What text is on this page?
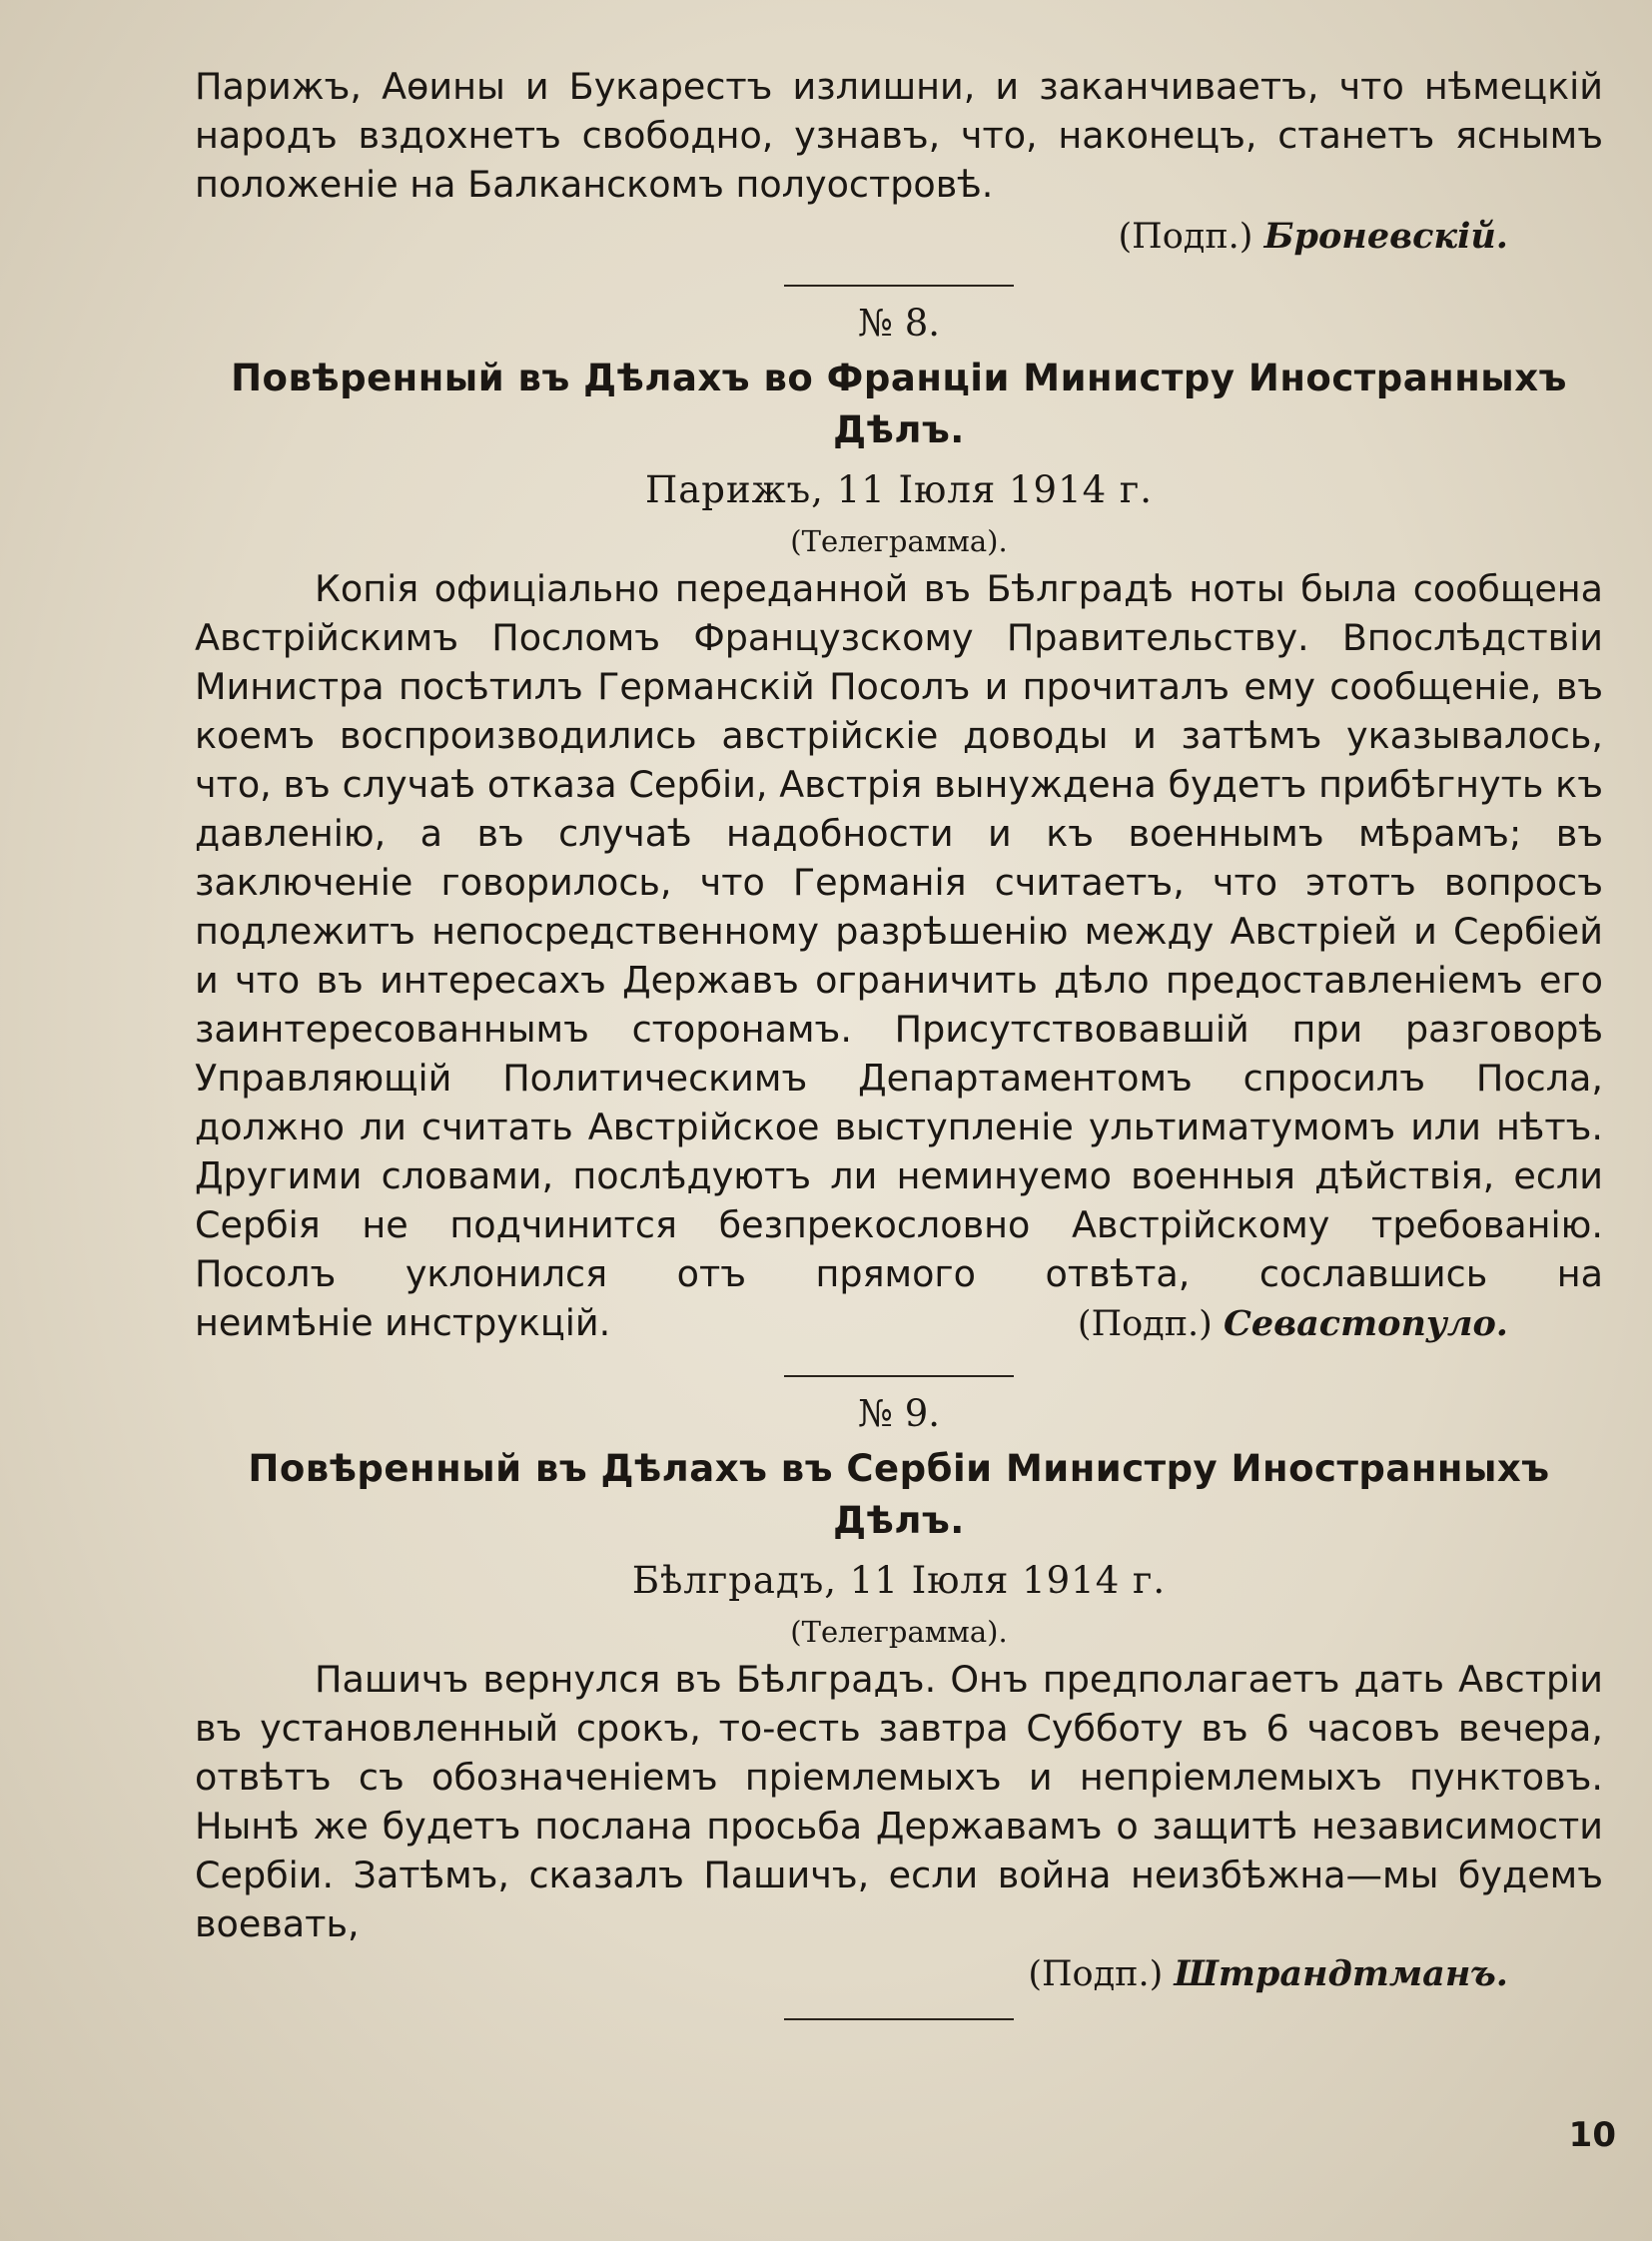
Парижъ, Аѳины и Букарестъ излишни, и заканчиваетъ, что нѣмецкій народъ вздохнетъ свободно, узнавъ, что, наконецъ, станетъ яснымъ положеніе на Балканскомъ полуостровѣ.

(Подп.) Броневскій.

№ 8.

Повѣренный въ Дѣлахъ во Франціи Министру Иностранныхъ Дѣлъ.

Парижъ, 11 Іюля 1914 г.

(Телеграмма).

Копія офиціально переданной въ Бѣлградѣ ноты была сообщена Австрійскимъ Посломъ Французскому Правительству. Впослѣдствіи Министра посѣтилъ Германскій Посолъ и прочиталъ ему сообщеніе, въ коемъ воспроизводились австрійскіе доводы и затѣмъ указывалось, что, въ случаѣ отказа Сербіи, Австрія вынуждена будетъ прибѣгнуть къ давленію, а въ случаѣ надобности и къ военнымъ мѣрамъ; въ заключеніе говорилось, что Германія считаетъ, что этотъ вопросъ подлежитъ непосредственному разрѣшенію между Австріей и Сербіей и что въ интересахъ Державъ ограничить дѣло предоставленіемъ его заинтересованнымъ сторонамъ. Присутствовавшій при разговорѣ Управляющій Политическимъ Департаментомъ спросилъ Посла, должно ли считать Австрійское выступленіе ультиматумомъ или нѣтъ. Другими словами, послѣдуютъ ли неминуемо военныя дѣйствія, если Сербія не подчинится безпрекословно Австрійскому требованію. Посолъ уклонился отъ прямого отвѣта, сославшись на

неимѣніе инструкцій.	(Подп.) Севастопуло.

№ 9.

Повѣренный въ Дѣлахъ въ Сербіи Министру Иностранныхъ Дѣлъ.

Бѣлградъ, 11 Іюля 1914 г.

(Телеграмма).

Пашичъ вернулся въ Бѣлградъ. Онъ предполагаетъ дать Австріи въ установленный срокъ, то-есть завтра Субботу въ 6 часовъ вечера, отвѣтъ съ обозначеніемъ пріемлемыхъ и непріемлемыхъ пунктовъ. Нынѣ же будетъ послана просьба Державамъ о защитѣ независимости Сербіи. Затѣмъ, сказалъ Пашичъ, если война неизбѣжна—мы будемъ воевать,

(Подп.) Штрандтманъ.

10
